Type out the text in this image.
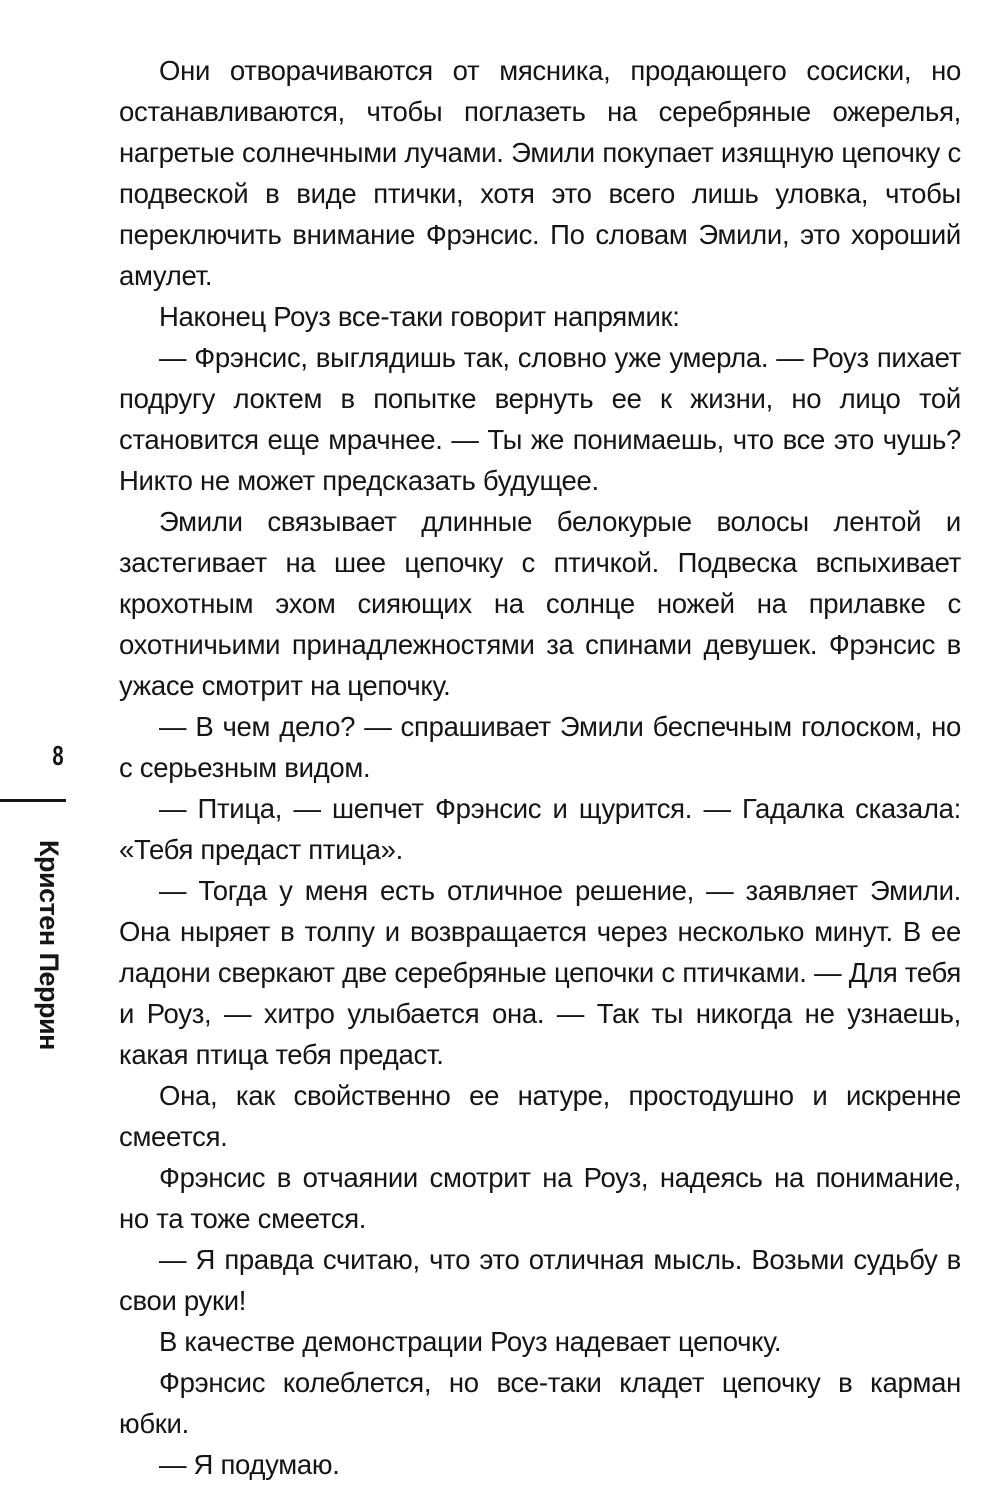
8
Кристен Перрин

Они отворачиваются от мясника, продающего сосиски, но останавливаются, чтобы поглазеть на серебряные ожерелья, нагретые солнечными лучами. Эмили покупает изящную цепочку с подвеской в виде птички, хотя это всего лишь уловка, чтобы переключить внимание Фрэнсис. По словам Эмили, это хороший амулет.

Наконец Роуз все-таки говорит напрямик:

— Фрэнсис, выглядишь так, словно уже умерла. — Роуз пихает подругу локтем в попытке вернуть ее к жизни, но лицо той становится еще мрачнее. — Ты же понимаешь, что все это чушь? Никто не может предсказать будущее.

Эмили связывает длинные белокурые волосы лентой и застегивает на шее цепочку с птичкой. Подвеска вспыхивает крохотным эхом сияющих на солнце ножей на прилавке с охотничьими принадлежностями за спинами девушек. Фрэнсис в ужасе смотрит на цепочку.

— В чем дело? — спрашивает Эмили беспечным голоском, но с серьезным видом.

— Птица, — шепчет Фрэнсис и щурится. — Гадалка сказала: «Тебя предаст птица».

— Тогда у меня есть отличное решение, — заявляет Эмили. Она ныряет в толпу и возвращается через несколько минут. В ее ладони сверкают две серебряные цепочки с птичками. — Для тебя и Роуз, — хитро улыбается она. — Так ты никогда не узнаешь, какая птица тебя предаст.

Она, как свойственно ее натуре, простодушно и искренне смеется.

Фрэнсис в отчаянии смотрит на Роуз, надеясь на понимание, но та тоже смеется.

— Я правда считаю, что это отличная мысль. Возьми судьбу в свои руки!

В качестве демонстрации Роуз надевает цепочку.

Фрэнсис колеблется, но все-таки кладет цепочку в карман юбки.

— Я подумаю.
